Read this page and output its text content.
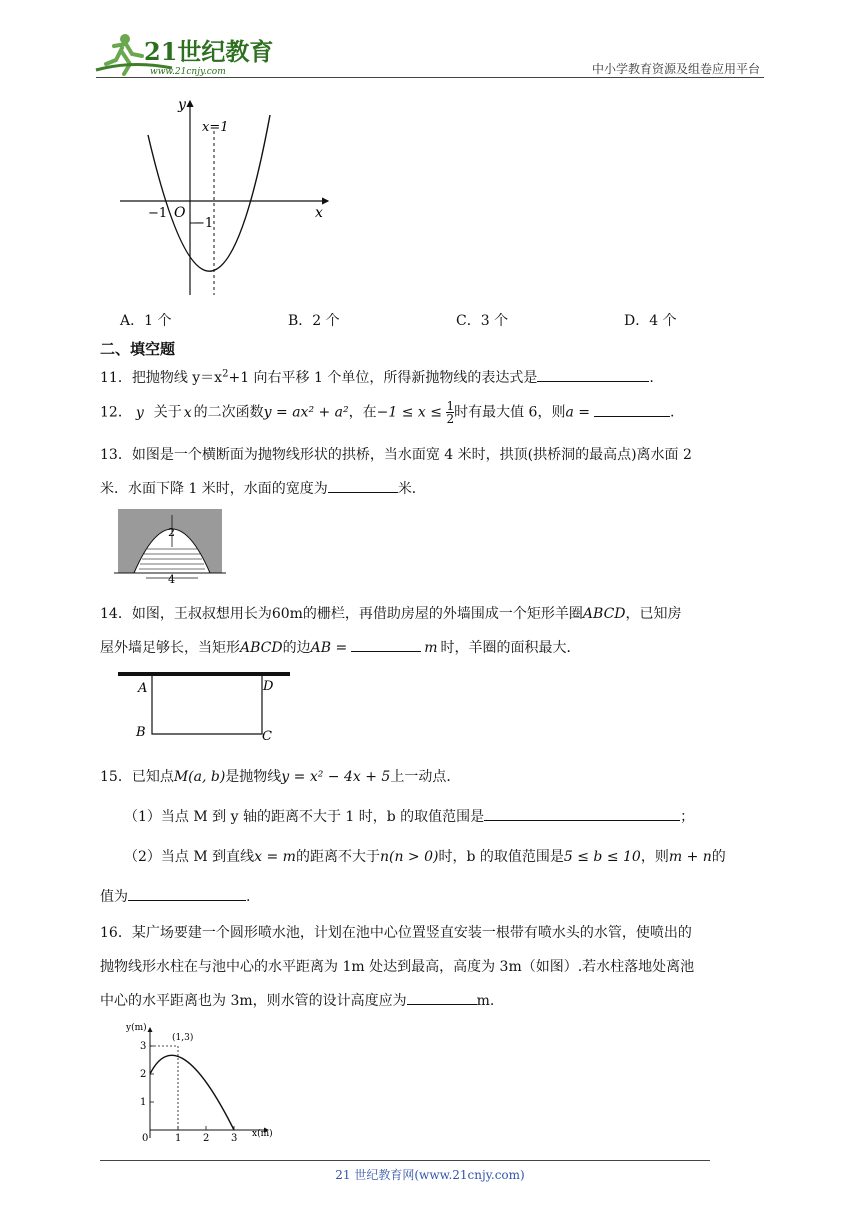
21世纪教育
www.21cnjy.com	中小学教育资源及组卷应用平台
y
x
x=1
O
−1
−1
A．1 个	B．2 个	C．3 个	D．4 个
二、填空题
11．把抛物线 $y=x^2+1$ 向右平移 1 个单位，所得新抛物线的表达式是	.
12． y 关于 x 的二次函数y = ax² + a²，在$-1 \le x \le \frac{1}{2}$ 时有最大值 6，则a =	.
13．如图是一个横断面为抛物线形状的拱桥，当水面宽 4 米时，拱顶(拱桥洞的最高点)离水面 2
米．水面下降 1 米时，水面的宽度为	米．
2
4
14．如图，王叔叔想用长为60m的栅栏，再借助房屋的外墙围成一个矩形羊圈ABCD，已知房
屋外墙足够长，当矩形ABCD的边AB =	m 时，羊圈的面积最大．
A
B	C
D
15．已知点M(a, b)是抛物线y = x² − 4x + 5上一动点．
（1）当点 M 到 y 轴的距离不大于 1 时，b 的取值范围是	；
（2）当点 M 到直线x = m的距离不大于n(n > 0)时，b 的取值范围是5 ≤ b ≤ 10，则m + n的
值为	.
16．某广场要建一个圆形喷水池，计划在池中心位置竖直安装一根带有喷水头的水管，使喷出的
抛物线形水柱在与池中心的水平距离为 1m 处达到最高，高度为 3m（如图）.若水柱落地处离池
中心的水平距离也为 3m，则水管的设计高度应为	m.
y(m)
x(m)
(1,3)
3
2
1
0	1 2 3
21 世纪教育网(www.21cnjy.com)
